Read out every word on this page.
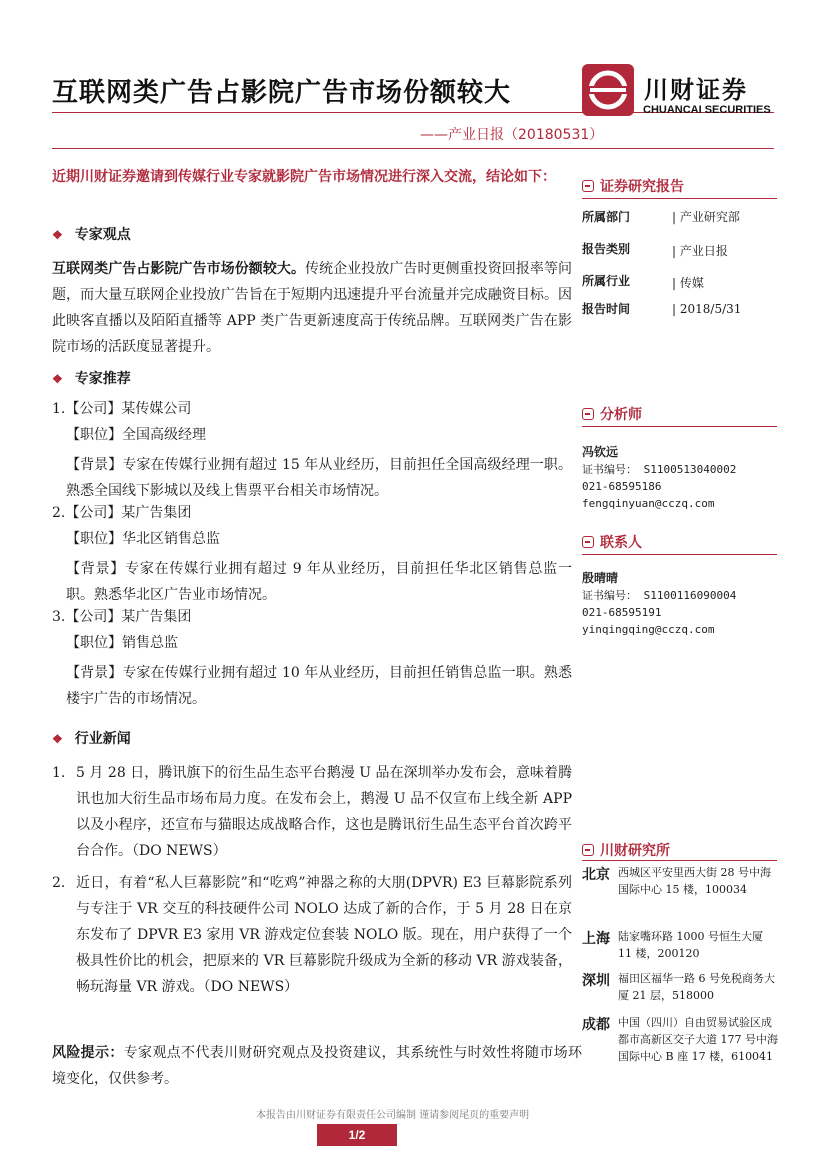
互联网类广告占影院广告市场份额较大
——产业日报（20180531）
川财证券
CHUANCAI SECURITIES
近期川财证券邀请到传媒行业专家就影院广告市场情况进行深入交流，结论如下：
❖ 专家观点
互联网类广告占影院广告市场份额较大。传统企业投放广告时更侧重投资回报率等问题，而大量互联网企业投放广告旨在于短期内迅速提升平台流量并完成融资目标。因此映客直播以及陌陌直播等 APP 类广告更新速度高于传统品牌。互联网类广告在影院市场的活跃度显著提升。
❖ 专家推荐
1.【公司】某传媒公司
【职位】全国高级经理
【背景】专家在传媒行业拥有超过 15 年从业经历，目前担任全国高级经理一职。熟悉全国线下影城以及线上售票平台相关市场情况。
2.【公司】某广告集团
【职位】华北区销售总监
【背景】专家在传媒行业拥有超过 9 年从业经历，目前担任华北区销售总监一职。熟悉华北区广告业市场情况。
3.【公司】某广告集团
【职位】销售总监
【背景】专家在传媒行业拥有超过 10 年从业经历，目前担任销售总监一职。熟悉楼宇广告的市场情况。
❖ 行业新闻
1. 5 月 28 日，腾讯旗下的衍生品生态平台鹅漫 U 品在深圳举办发布会，意味着腾讯也加大衍生品市场布局力度。在发布会上，鹅漫 U 品不仅宣布上线全新 APP 以及小程序，还宣布与猫眼达成战略合作，这也是腾讯衍生品生态平台首次跨平台合作。（DO NEWS）
2. 近日，有着“私人巨幕影院”和“吃鸡”神器之称的大朋(DPVR) E3 巨幕影院系列与专注于 VR 交互的科技硬件公司 NOLO 达成了新的合作，于 5 月 28 日在京东发布了 DPVR E3 家用 VR 游戏定位套装 NOLO 版。现在，用户获得了一个极具性价比的机会，把原来的 VR 巨幕影院升级成为全新的移动 VR 游戏装备，畅玩海量 VR 游戏。（DO NEWS）
风险提示：专家观点不代表川财研究观点及投资建议，其系统性与时效性将随市场环境变化，仅供参考。
证券研究报告
所属部门	| 产业研究部
报告类别	| 产业日报
所属行业	| 传媒
报告时间	| 2018/5/31
分析师
冯钦远
证书编号： S1100513040002
021-68595186
fengqinyuan@cczq.com
联系人
殷晴晴
证书编号： S1100116090004
021-68595191
yinqingqing@cczq.com
川财研究所
北京 西城区平安里西大街 28 号中海国际中心 15 楼，100034
上海 陆家嘴环路 1000 号恒生大厦 11 楼，200120
深圳 福田区福华一路 6 号免税商务大厦 21 层，518000
成都 中国（四川）自由贸易试验区成都市高新区交子大道 177 号中海国际中心 B 座 17 楼，610041
本报告由川财证券有限责任公司编制 谨请参阅尾页的重要声明
1/2
